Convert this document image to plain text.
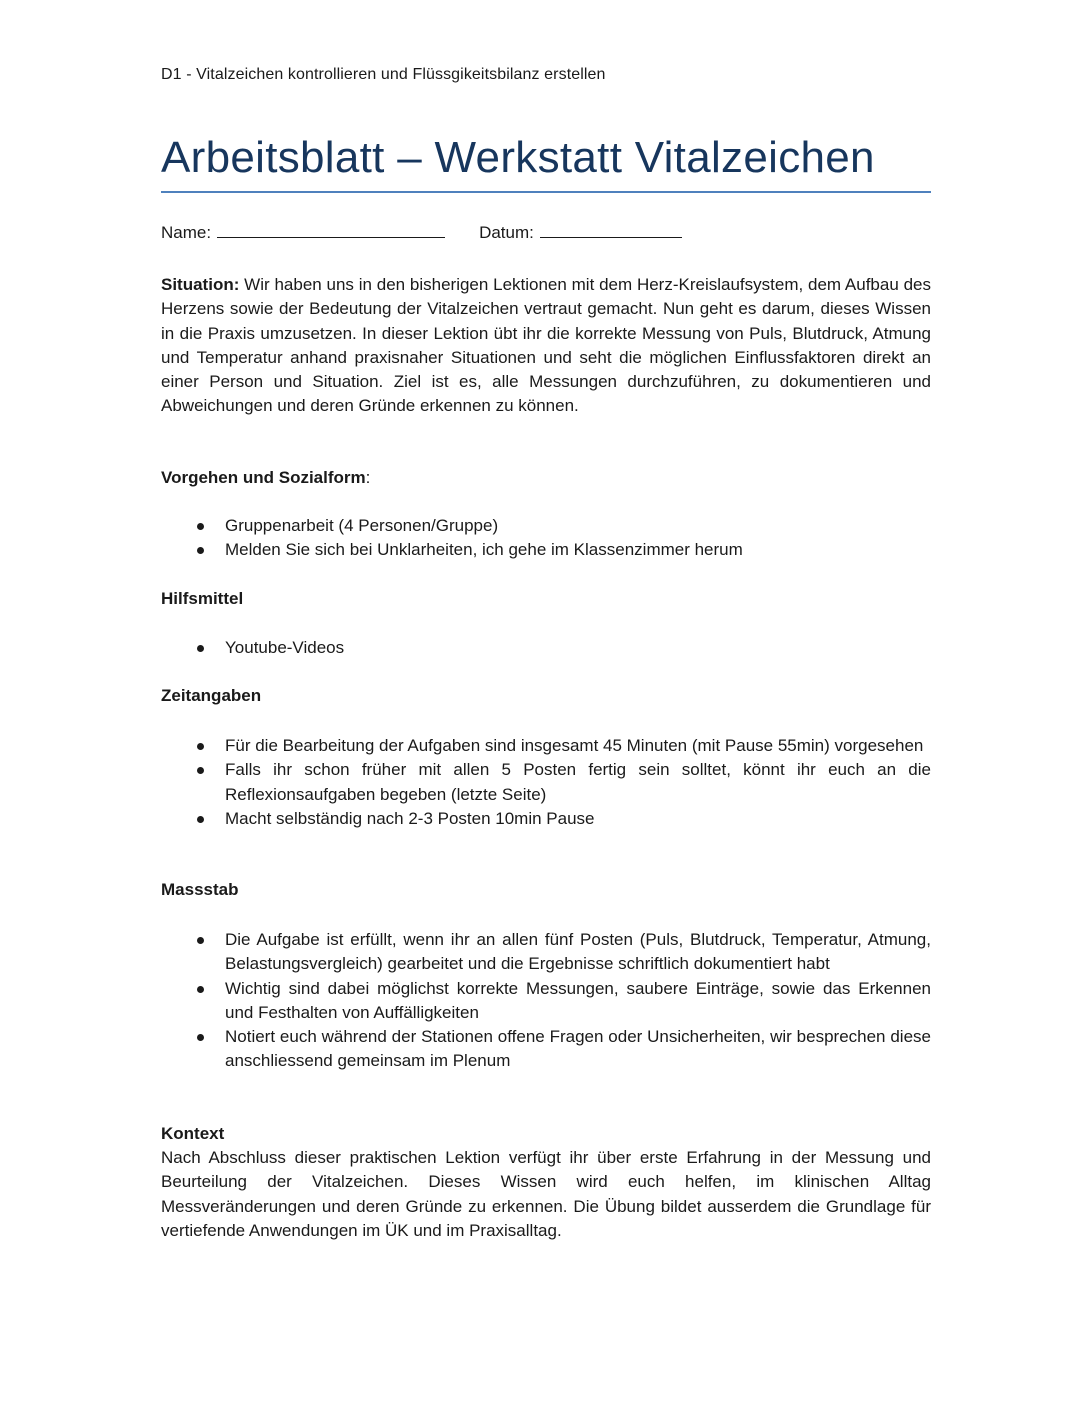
D1 - Vitalzeichen kontrollieren und Flüssgikeitsbilanz erstellen
Arbeitsblatt – Werkstatt Vitalzeichen
Name:	Datum:
Situation: Wir haben uns in den bisherigen Lektionen mit dem Herz-Kreislaufsystem, dem Aufbau des Herzens sowie der Bedeutung der Vitalzeichen vertraut gemacht. Nun geht es darum, dieses Wissen in die Praxis umzusetzen. In dieser Lektion übt ihr die korrekte Messung von Puls, Blutdruck, Atmung und Temperatur anhand praxisnaher Situationen und seht die möglichen Einflussfaktoren direkt an einer Person und Situation. Ziel ist es, alle Messungen durchzuführen, zu dokumentieren und Abweichungen und deren Gründe erkennen zu können.
Vorgehen und Sozialform:
Gruppenarbeit (4 Personen/Gruppe)
Melden Sie sich bei Unklarheiten, ich gehe im Klassenzimmer herum
Hilfsmittel
Youtube-Videos
Zeitangaben
Für die Bearbeitung der Aufgaben sind insgesamt 45 Minuten (mit Pause 55min) vorgesehen
Falls ihr schon früher mit allen 5 Posten fertig sein solltet, könnt ihr euch an die Reflexionsaufgaben begeben (letzte Seite)
Macht selbständig nach 2-3 Posten 10min Pause
Massstab
Die Aufgabe ist erfüllt, wenn ihr an allen fünf Posten (Puls, Blutdruck, Temperatur, Atmung, Belastungsvergleich) gearbeitet und die Ergebnisse schriftlich dokumentiert habt
Wichtig sind dabei möglichst korrekte Messungen, saubere Einträge, sowie das Erkennen und Festhalten von Auffälligkeiten
Notiert euch während der Stationen offene Fragen oder Unsicherheiten, wir besprechen diese anschliessend gemeinsam im Plenum
Kontext
Nach Abschluss dieser praktischen Lektion verfügt ihr über erste Erfahrung in der Messung und Beurteilung der Vitalzeichen. Dieses Wissen wird euch helfen, im klinischen Alltag Messveränderungen und deren Gründe zu erkennen. Die Übung bildet ausserdem die Grundlage für vertiefende Anwendungen im ÜK und im Praxisalltag.
